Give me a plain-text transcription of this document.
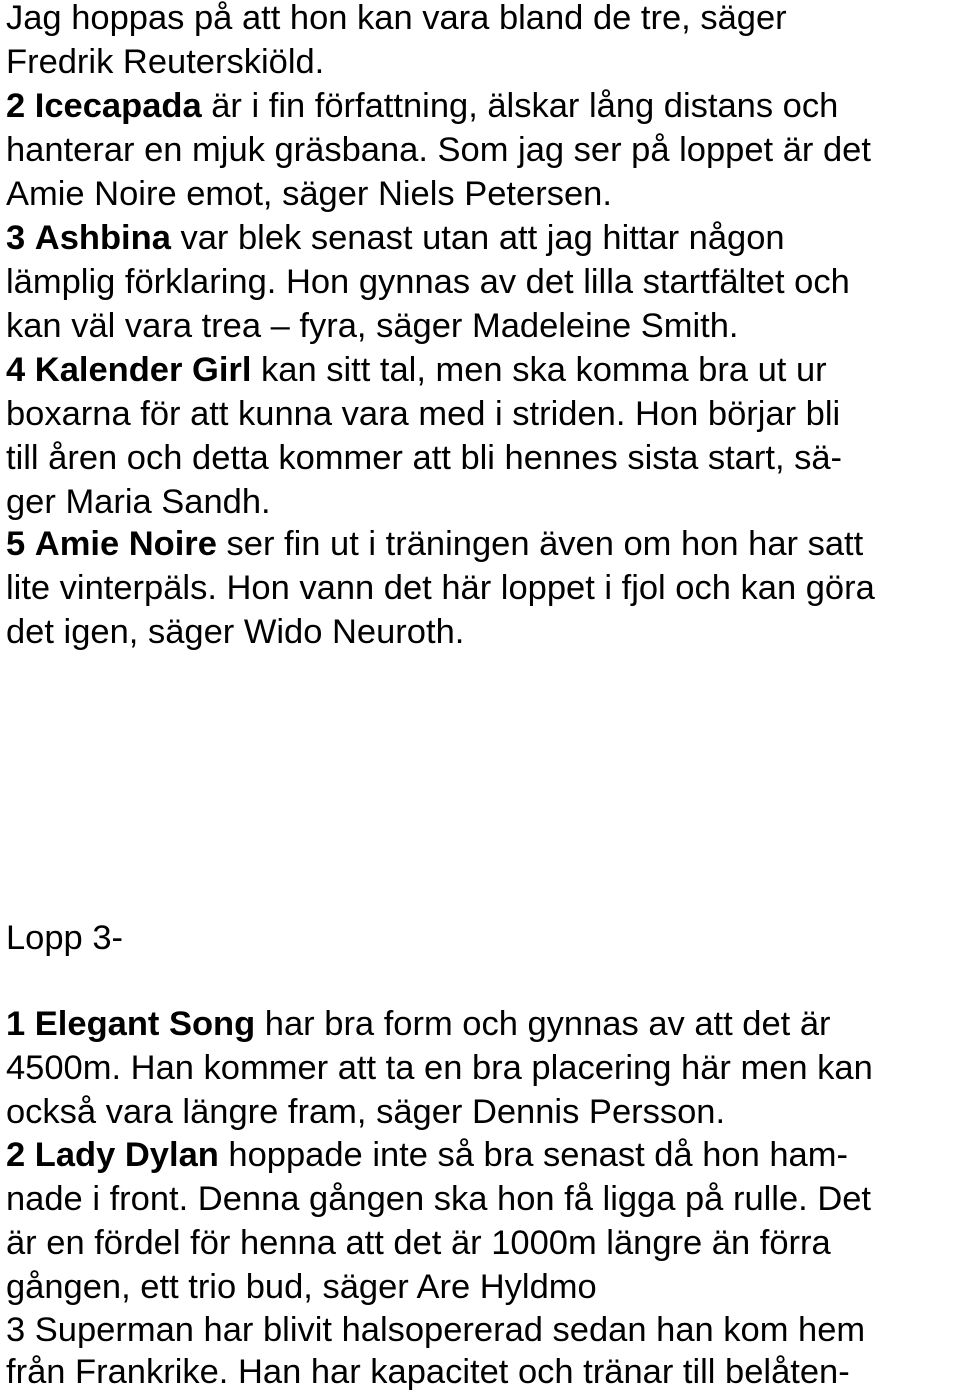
Jag hoppas på att hon kan vara bland de tre, säger
Fredrik Reuterskiöld.
2 Icecapada är i fin författning, älskar lång distans och
hanterar en mjuk gräsbana. Som jag ser på loppet är det
Amie Noire emot, säger Niels Petersen.
3 Ashbina var blek senast utan att jag hittar någon
lämplig förklaring. Hon gynnas av det lilla startfältet och
kan väl vara trea – fyra, säger Madeleine Smith.
4 Kalender Girl kan sitt tal, men ska komma bra ut ur
boxarna för att kunna vara med i striden. Hon börjar bli
till åren och detta kommer att bli hennes sista start, sä-
ger Maria Sandh.
5 Amie Noire ser fin ut i träningen även om hon har satt
lite vinterpäls. Hon vann det här loppet i fjol och kan göra
det igen, säger Wido Neuroth.
Lopp 3-
1 Elegant Song har bra form och gynnas av att det är
4500m. Han kommer att ta en bra placering här men kan
också vara längre fram, säger Dennis Persson.
2 Lady Dylan hoppade inte så bra senast då hon ham-
nade i front. Denna gången ska hon få ligga på rulle. Det
är en fördel för henna att det är 1000m längre än förra
gången, ett trio bud, säger Are Hyldmo
3 Superman har blivit halsopererad sedan han kom hem
från Frankrike. Han har kapacitet och tränar till belåten-
